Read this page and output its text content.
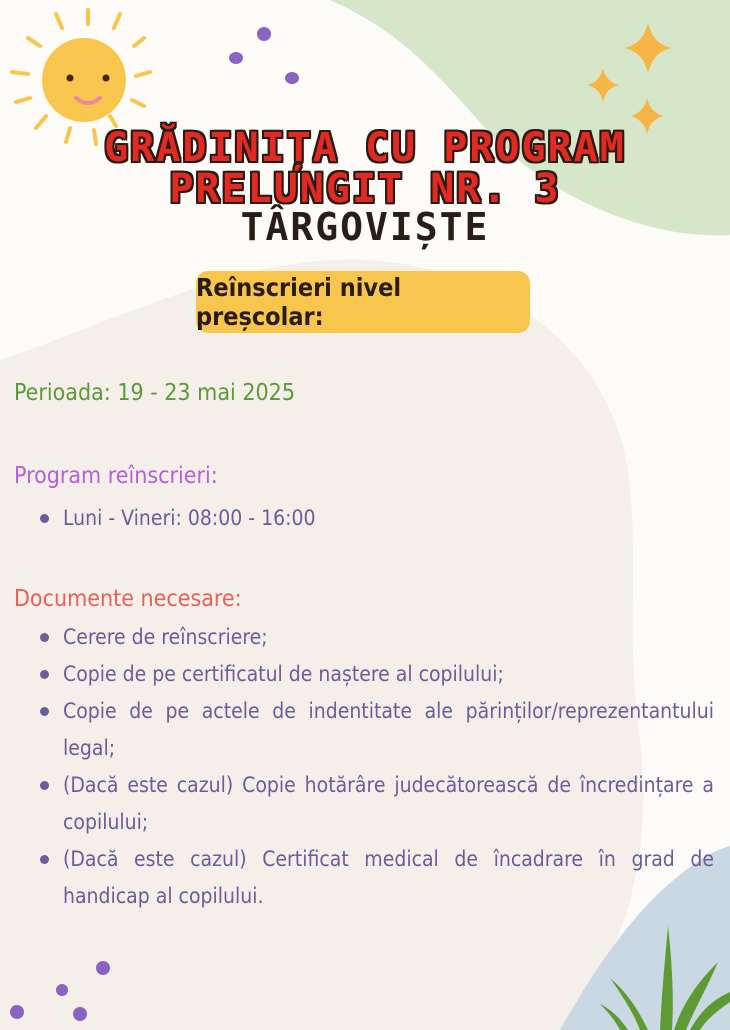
GRĂDINIȚA CU PROGRAM

PRELUNGIT NR. 3

TÂRGOVIȘTE

Reînscrieri nivel preșcolar:

Perioada: 19 - 23 mai 2025

Program reînscrieri:

Luni - Vineri: 08:00 - 16:00

Documente necesare:

Cerere de reînscriere;
Copie de pe certificatul de naștere al copilului;
Copie de pe actele de indentitate ale părinților/reprezentantului legal;
(Dacă este cazul) Copie hotărâre judecătorească de încredințare a copilului;
(Dacă este cazul) Certificat medical de încadrare în grad de handicap al copilului.
